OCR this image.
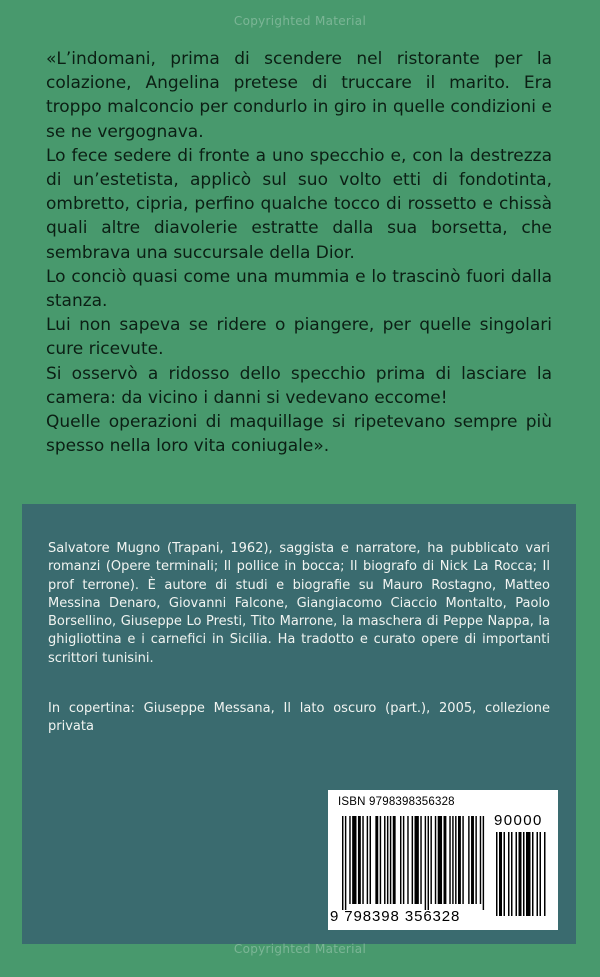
Copyrighted Material

«L’indomani, prima di scendere nel ristorante per la colazione, Angelina pretese di truccare il marito. Era troppo malconcio per condurlo in giro in quelle condizioni e se ne vergognava.

Lo fece sedere di fronte a uno specchio e, con la destrezza di un’estetista, applicò sul suo volto etti di fondotinta, ombretto, cipria, perfino qualche tocco di rossetto e chissà quali altre diavolerie estratte dalla sua borsetta, che sembrava una succursale della Dior.

Lo conciò quasi come una mummia e lo trascinò fuori dalla stanza.

Lui non sapeva se ridere o piangere, per quelle singolari cure ricevute.

Si osservò a ridosso dello specchio prima di lasciare la camera: da vicino i danni si vedevano eccome!

Quelle operazioni di maquillage si ripetevano sempre più spesso nella loro vita coniugale».

Salvatore Mugno (Trapani, 1962), saggista e narratore, ha pubblicato vari romanzi (Opere terminali; Il pollice in bocca; Il biografo di Nick La Rocca; Il prof terrone). È autore di studi e biografie su Mauro Rostagno, Matteo Messina Denaro, Giovanni Falcone, Giangiacomo Ciaccio Montalto, Paolo Borsellino, Giuseppe Lo Presti, Tito Marrone, la maschera di Peppe Nappa, la ghigliottina e i carnefici in Sicilia. Ha tradotto e curato opere di importanti scrittori tunisini.

In copertina: Giuseppe Messana, Il lato oscuro (part.), 2005, collezione privata

ISBN 9798398356328
9 798398 356328
90000
Copyrighted Material
